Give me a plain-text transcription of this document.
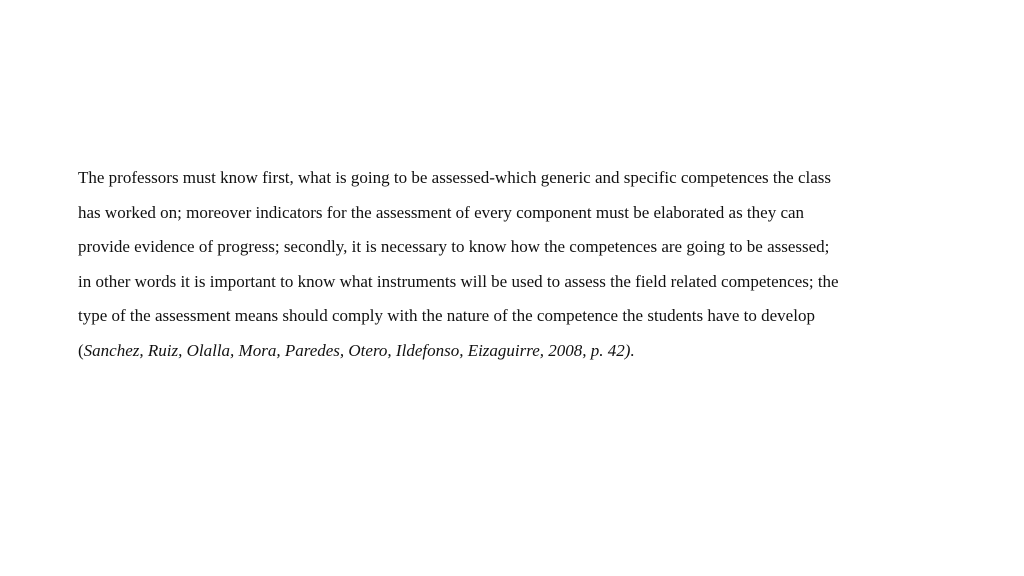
The professors must know first, what is going to be assessed-which generic and specific competences the class
has worked on; moreover indicators for the assessment of every component must be elaborated as they can
provide evidence of progress; secondly, it is necessary to know how the competences are going to be assessed;
in other words it is important to know what instruments will be used to assess the field related competences; the
type of the assessment means should comply with the nature of the competence the students have to develop
(Sanchez, Ruiz, Olalla, Mora, Paredes, Otero, Ildefonso, Eizaguirre, 2008, p. 42).
